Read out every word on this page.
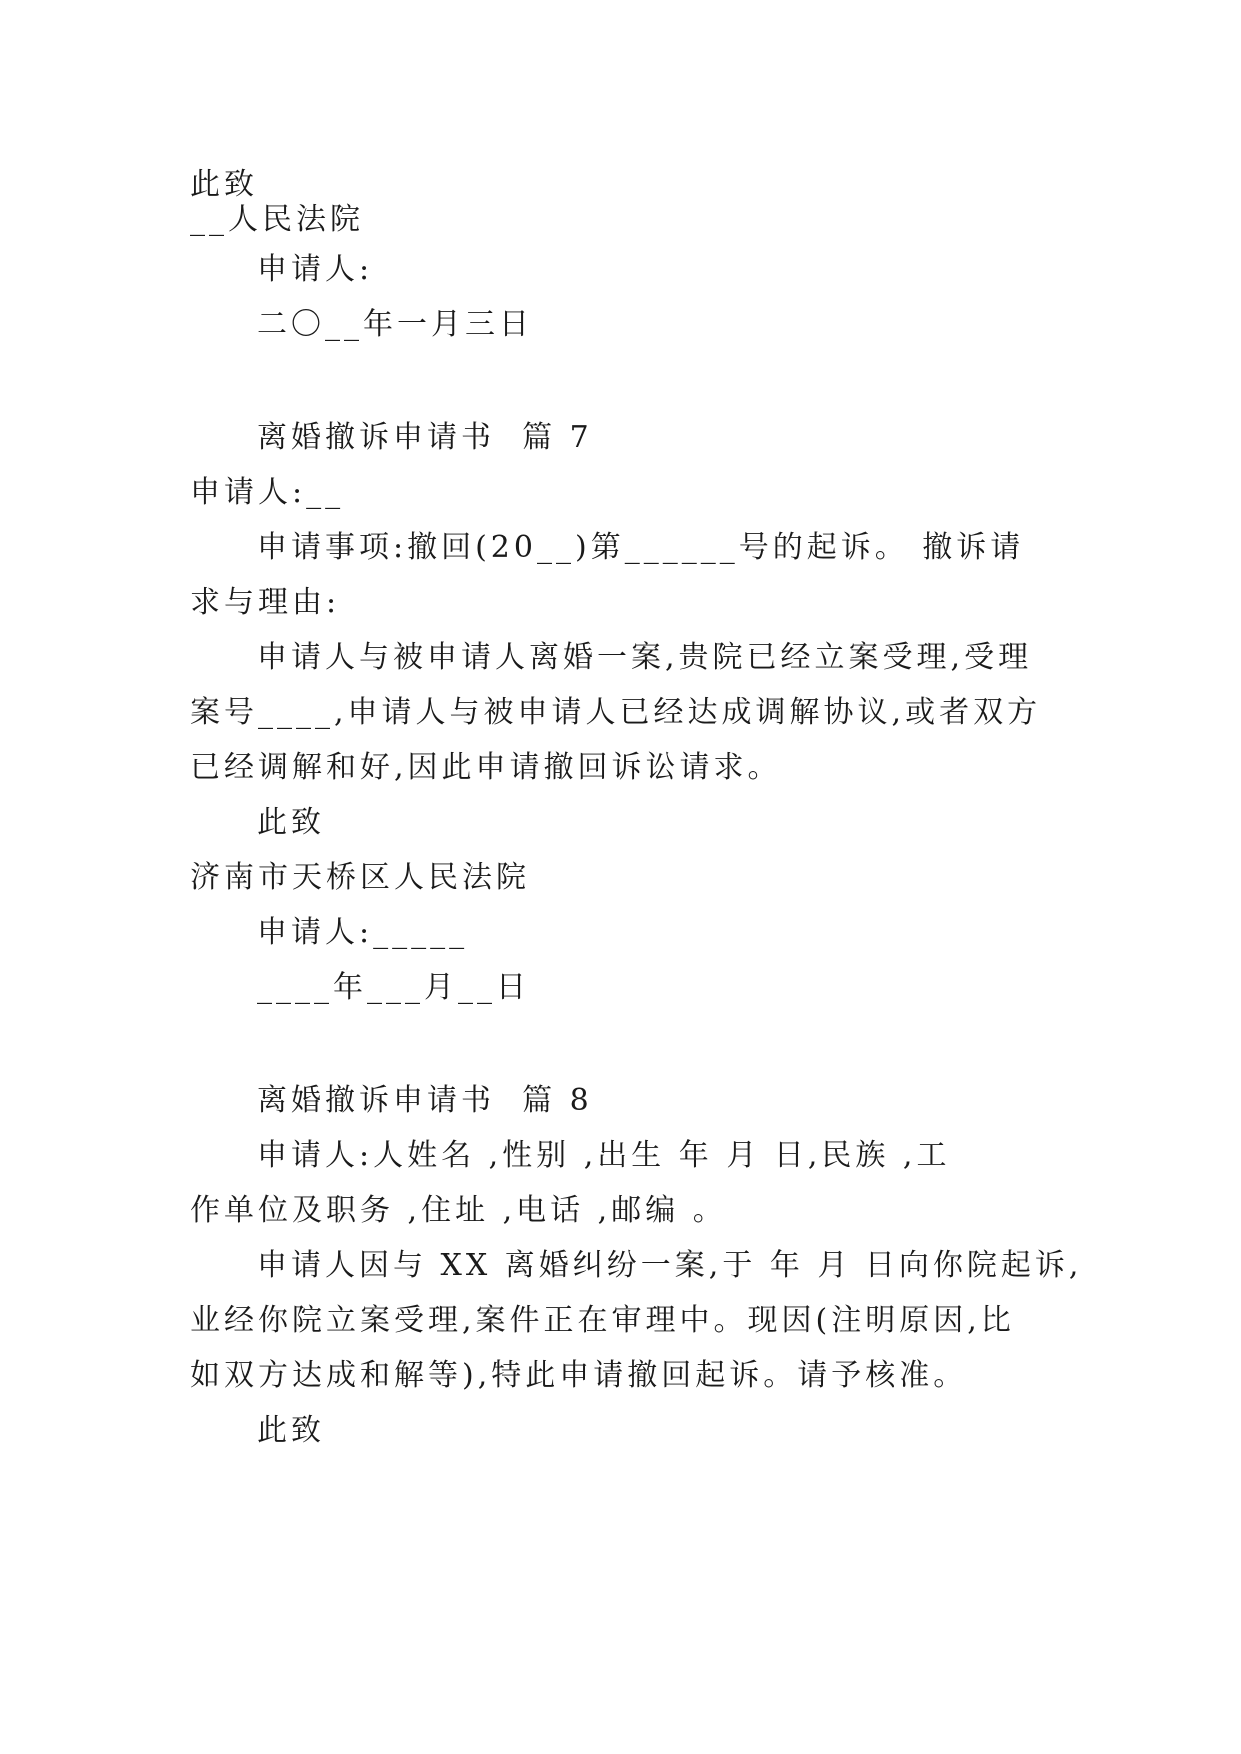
此致
__人民法院
申请人:
二〇__年一月三日
离婚撤诉申请书  篇 7
申请人:__
申请事项:撤回(20__)第______号的起诉。 撤诉请
求与理由:
申请人与被申请人离婚一案,贵院已经立案受理,受理
案号____,申请人与被申请人已经达成调解协议,或者双方
已经调解和好,因此申请撤回诉讼请求。
此致
济南市天桥区人民法院
申请人:_____
____年___月__日
离婚撤诉申请书  篇 8
申请人:人姓名 ,性别 ,出生 年 月 日,民族 ,工
作单位及职务 ,住址 ,电话 ,邮编 。
申请人因与 XX 离婚纠纷一案,于 年 月 日向你院起诉,
业经你院立案受理,案件正在审理中。现因(注明原因,比
如双方达成和解等),特此申请撤回起诉。请予核准。
此致
